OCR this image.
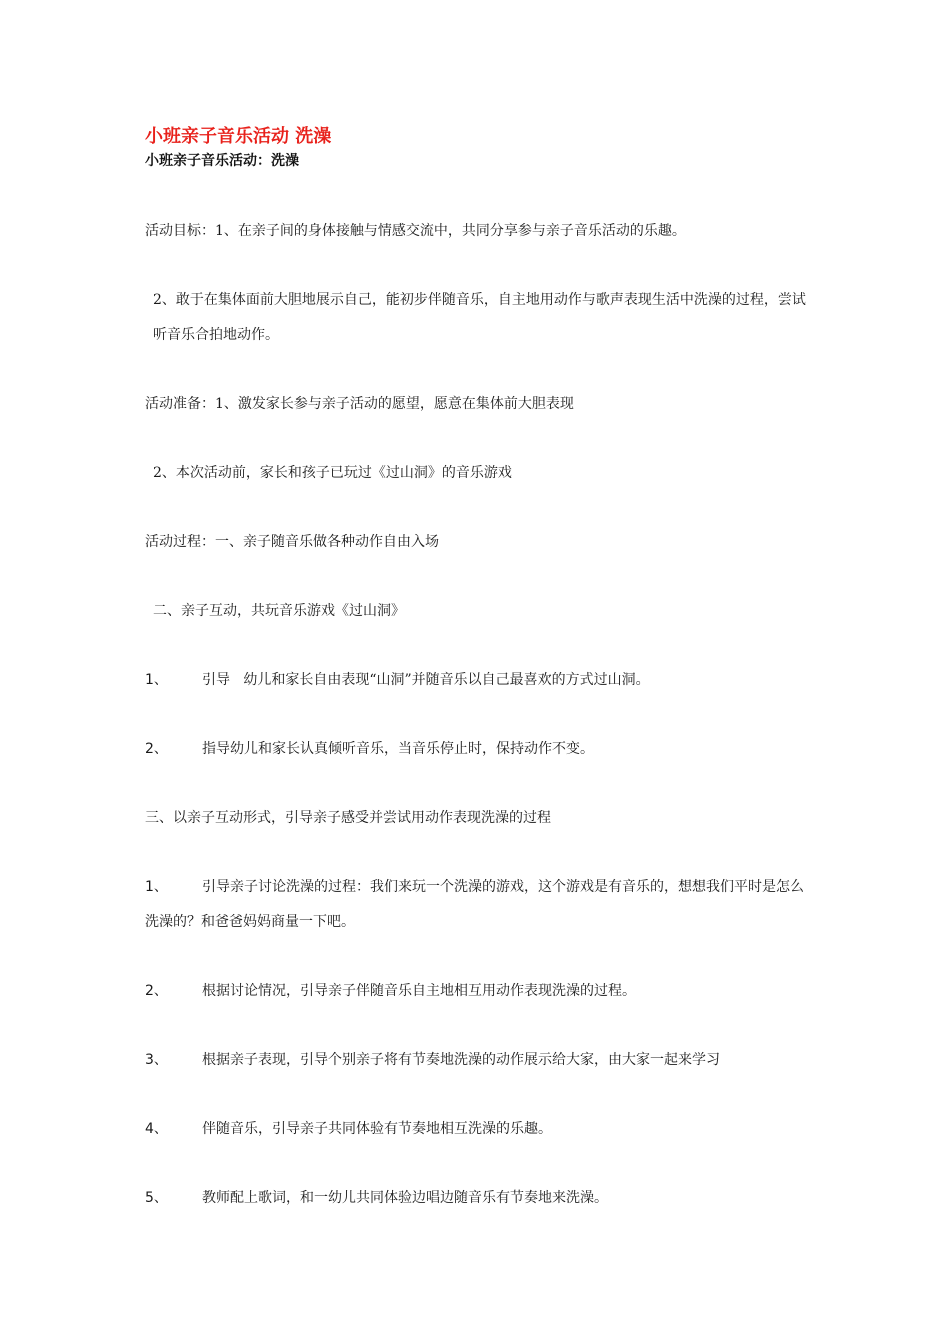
小班亲子音乐活动 洗澡

小班亲子音乐活动：洗澡

活动目标：1、在亲子间的身体接触与情感交流中，共同分享参与亲子音乐活动的乐趣。

2、敢于在集体面前大胆地展示自己，能初步伴随音乐，自主地用动作与歌声表现生活中洗澡的过程，尝试听音乐合拍地动作。

活动准备：1、激发家长参与亲子活动的愿望，愿意在集体前大胆表现

2、本次活动前，家长和孩子已玩过《过山洞》的音乐游戏

活动过程：一、亲子随音乐做各种动作自由入场

二、亲子互动，共玩音乐游戏《过山洞》

1、	引导   幼儿和家长自由表现“山洞”并随音乐以自己最喜欢的方式过山洞。
2、	指导幼儿和家长认真倾听音乐，当音乐停止时，保持动作不变。

三、以亲子互动形式，引导亲子感受并尝试用动作表现洗澡的过程

1、 引导亲子讨论洗澡的过程：我们来玩一个洗澡的游戏，这个游戏是有音乐的，想想我们平时是怎么洗澡的？和爸爸妈妈商量一下吧。
2、	根据讨论情况，引导亲子伴随音乐自主地相互用动作表现洗澡的过程。
3、	根据亲子表现，引导个别亲子将有节奏地洗澡的动作展示给大家，由大家一起来学习
4、	伴随音乐，引导亲子共同体验有节奏地相互洗澡的乐趣。
5、	教师配上歌词，和一幼儿共同体验边唱边随音乐有节奏地来洗澡。
